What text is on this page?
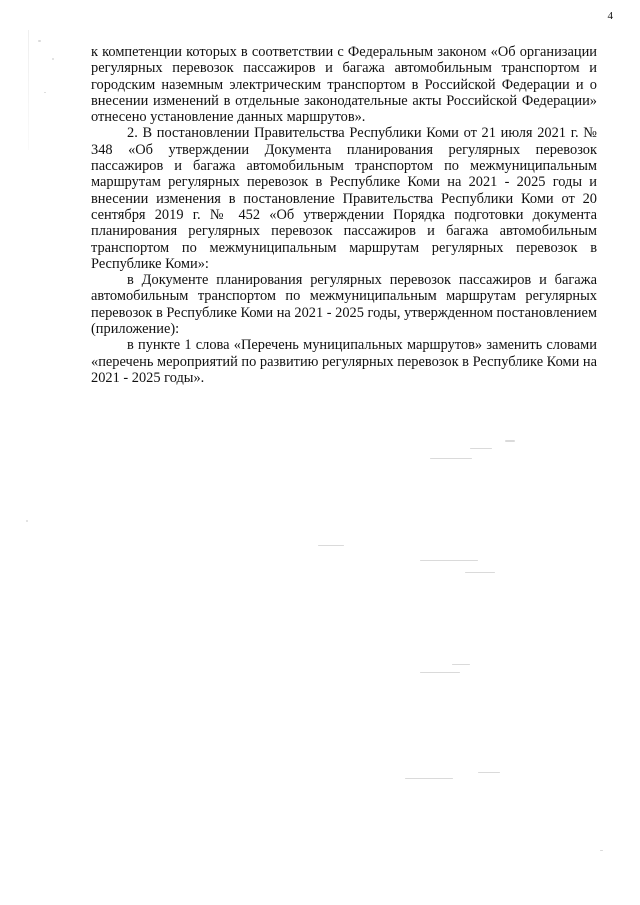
4

к компетенции которых в соответствии с Федеральным законом «Об организации регулярных перевозок пассажиров и багажа автомобильным транспортом и городским наземным электрическим транспортом в Российской Федерации и о внесении изменений в отдельные законодательные акты Российской Федерации» отнесено установление данных маршрутов».

2. В постановлении Правительства Республики Коми от 21 июля 2021 г. № 348 «Об утверждении Документа планирования регулярных перевозок пассажиров и багажа автомобильным транспортом по межмуниципальным маршрутам регулярных перевозок в Республике Коми на 2021 - 2025 годы и внесении изменения в постановление Правительства Республики Коми от 20 сентября 2019 г. № 452 «Об утверждении Порядка подготовки документа планирования регулярных перевозок пассажиров и багажа автомобильным транспортом по межмуниципальным маршрутам регулярных перевозок в Республике Коми»:

в Документе планирования регулярных перевозок пассажиров и багажа автомобильным транспортом по межмуниципальным маршрутам регулярных перевозок в Республике Коми на 2021 - 2025 годы, утвержденном постановлением (приложение):

в пункте 1 слова «Перечень муниципальных маршрутов» заменить словами «перечень мероприятий по развитию регулярных перевозок в Республике Коми на 2021 - 2025 годы».
